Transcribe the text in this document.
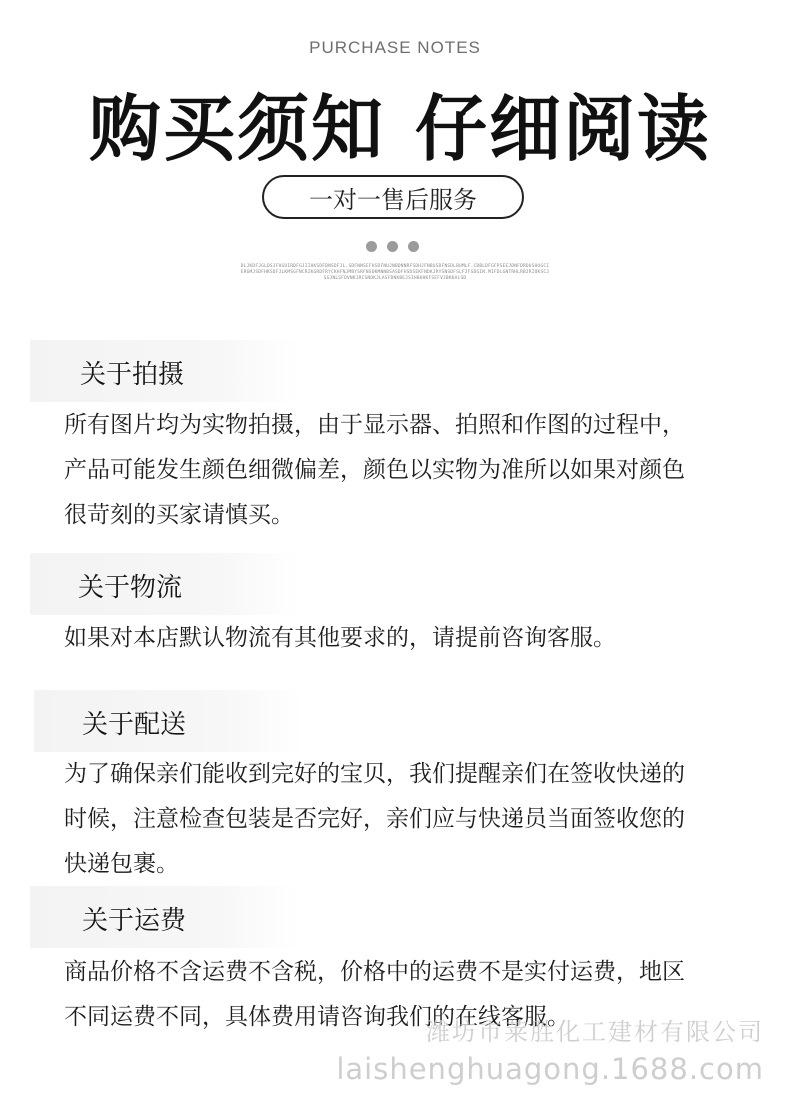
PURCHASE NOTES
购买须知 仔细阅读
一对一售后服务
DLJKDFJGLDSJFHGOIRDFGJIIHKSDFBNSDFJL,SDFNNSEFHSDFNUJNBDNNRFSDHJFNBUSDFNSDLBUMLF.CDBLDFGFPSEEJDNFDRDUSHUGCIERGMJSDFHKSDFJLKMSGFNCRIKGRDFRYCKHFNJMBYSRFNSOKMNNBSASDFHSDSEKFNDKJRYSNSDFSLFJFSDGIN.MIFDLGNTRHLRBJRIOKSCJSGJNLSFDVNKJRCSNOKJLASFDNKBEJSIHBUHKFSEFVJBKKALSD
关于拍摄
所有图片均为实物拍摄，由于显示器、拍照和作图的过程中，
产品可能发生颜色细微偏差，颜色以实物为准所以如果对颜色
很苛刻的买家请慎买。
关于物流
如果对本店默认物流有其他要求的，请提前咨询客服。
关于配送
为了确保亲们能收到完好的宝贝，我们提醒亲们在签收快递的
时候，注意检查包装是否完好，亲们应与快递员当面签收您的
快递包裹。
关于运费
商品价格不含运费不含税，价格中的运费不是实付运费，地区
不同运费不同，具体费用请咨询我们的在线客服。
潍坊市莱胜化工建材有限公司
laishenghuagong.1688.com
